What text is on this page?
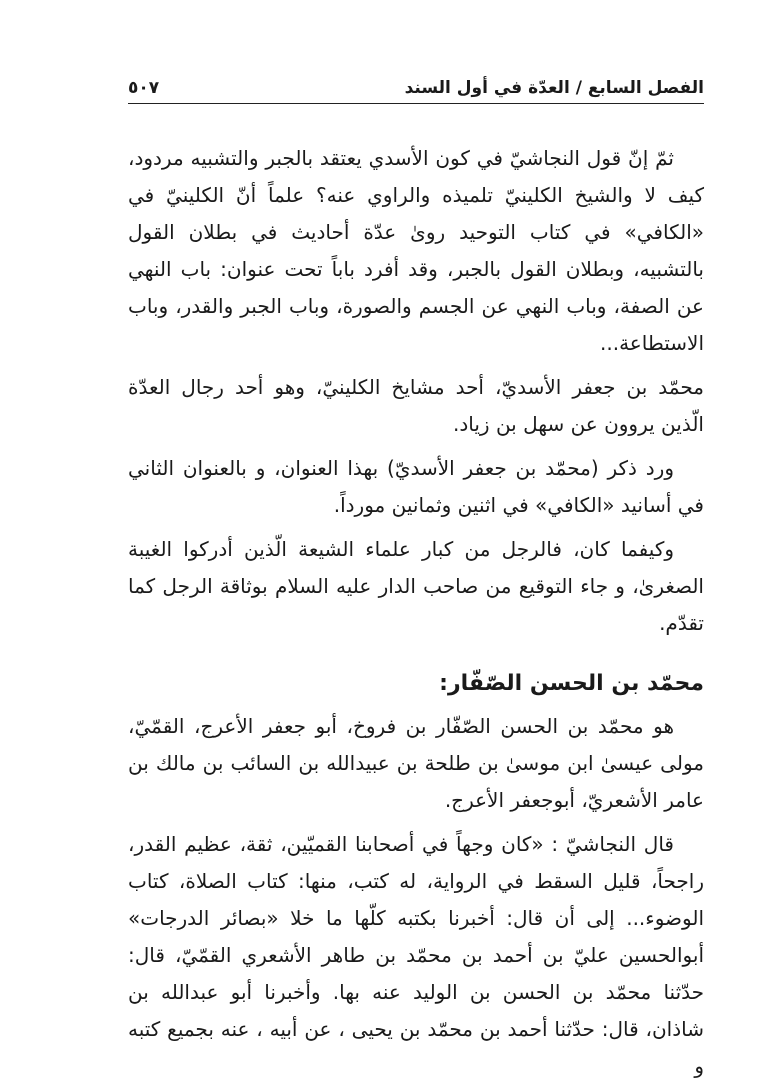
الفصل السابع / العدّة في أول السند
٥٠٧

ثمّ إنّ قول النجاشيّ في كون الأسدي يعتقد بالجبر والتشبيه مردود، كيف لا والشيخ الكلينيّ تلميذه والراوي عنه؟ علماً أنّ الكلينيّ في «الكافي» في كتاب التوحيد روىٰ عدّة أحاديث في بطلان القول بالتشبيه، وبطلان القول بالجبر، وقد أفرد باباً تحت عنوان: باب النهي عن الصفة، وباب النهي عن الجسم والصورة، وباب الجبر والقدر، وباب الاستطاعة...

محمّد بن جعفر الأسديّ، أحد مشايخ الكلينيّ، وهو أحد رجال العدّة الّذين يروون عن سهل بن زياد.

ورد ذكر (محمّد بن جعفر الأسديّ) بهذا العنوان، و بالعنوان الثاني في أسانيد «الكافي» في اثنين وثمانين مورداً.

وكيفما كان، فالرجل من كبار علماء الشيعة الّذين أدركوا الغيبة الصغرىٰ، و جاء التوقيع من صاحب الدار عليه السلام بوثاقة الرجل كما تقدّم.

محمّد بن الحسن الصّفّار:

هو محمّد بن الحسن الصّفّار بن فروخ، أبو جعفر الأعرج، القمّيّ، مولى عيسىٰ ابن موسىٰ بن طلحة بن عبيدالله بن السائب بن مالك بن عامر الأشعريّ، أبوجعفر الأعرج.

قال النجاشيّ : «كان وجهاً في أصحابنا القميّين، ثقة، عظيم القدر، راجحاً، قليل السقط في الرواية، له كتب، منها: كتاب الصلاة، كتاب الوضوء... إلى أن قال: أخبرنا بكتبه كلّها ما خلا «بصائر الدرجات» أبوالحسين عليّ بن أحمد بن محمّد بن طاهر الأشعري القمّيّ، قال: حدّثنا محمّد بن الحسن بن الوليد عنه بها. وأخبرنا أبو عبدالله بن شاذان، قال: حدّثنا أحمد بن محمّد بن يحيى ، عن أبيه ، عنه بجميع كتبه و
